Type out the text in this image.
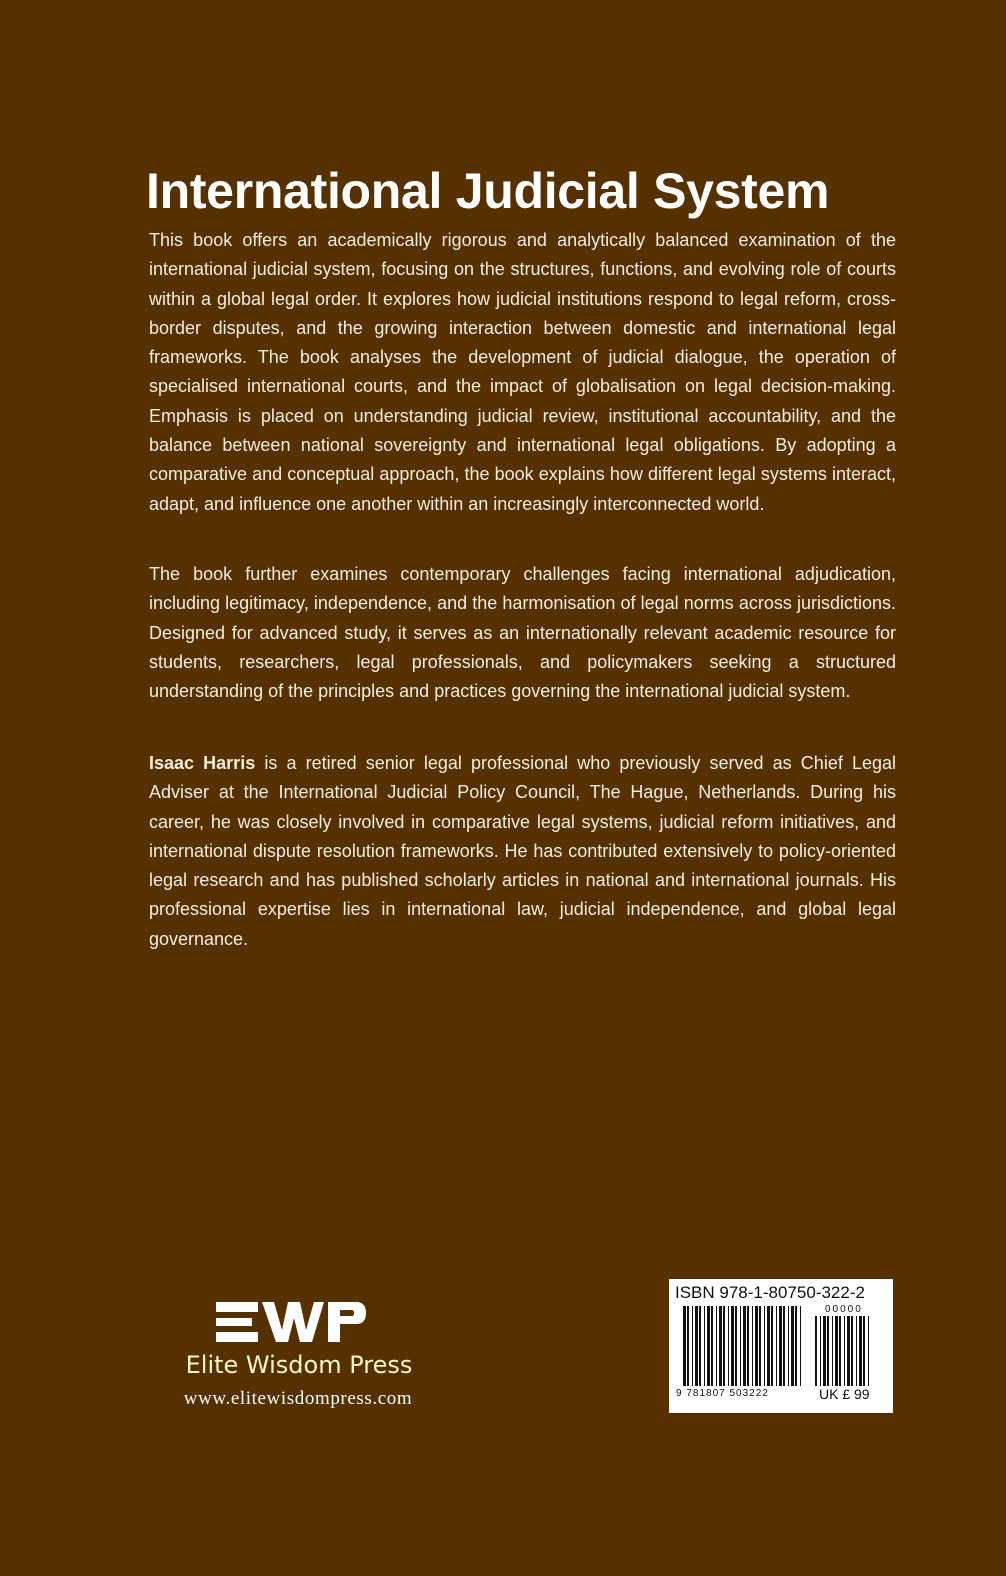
International Judicial System

This book offers an academically rigorous and analytically balanced examination of the international judicial system, focusing on the structures, functions, and evolving role of courts within a global legal order. It explores how judicial institutions respond to legal reform, cross-border disputes, and the growing interaction between domestic and international legal frameworks. The book analyses the development of judicial dialogue, the operation of specialised international courts, and the impact of globalisation on legal decision-making. Emphasis is placed on understanding judicial review, institutional accountability, and the balance between national sovereignty and international legal obligations. By adopting a comparative and conceptual approach, the book explains how different legal systems interact, adapt, and influence one another within an increasingly interconnected world.

The book further examines contemporary challenges facing international adjudication, including legitimacy, independence, and the harmonisation of legal norms across jurisdictions. Designed for advanced study, it serves as an internationally relevant academic resource for students, researchers, legal professionals, and policymakers seeking a structured understanding of the principles and practices governing the international judicial system.

Isaac Harris is a retired senior legal professional who previously served as Chief Legal Adviser at the International Judicial Policy Council, The Hague, Netherlands. During his career, he was closely involved in comparative legal systems, judicial reform initiatives, and international dispute resolution frameworks. He has contributed extensively to policy-oriented legal research and has published scholarly articles in national and international journals. His professional expertise lies in international law, judicial independence, and global legal governance.

Elite Wisdom Press
www.elitewisdompress.com
ISBN 978-1-80750-322-2
00000
9 781807 503222	UK £ 99
